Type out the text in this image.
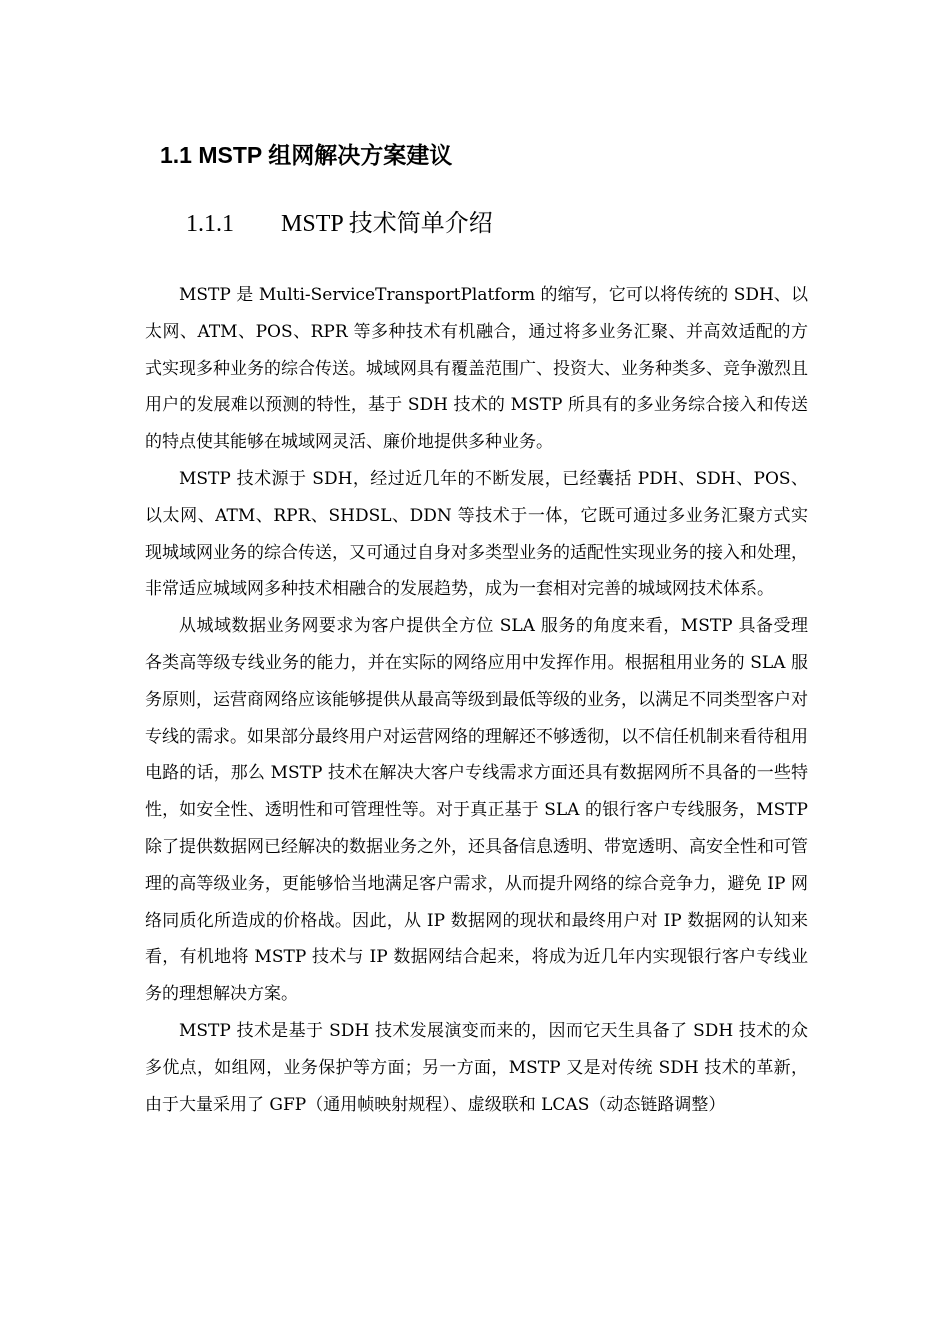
1.1 MSTP 组网解决方案建议
1.1.1 MSTP 技术简单介绍

MSTP 是 Multi-ServiceTransportPlatform 的缩写，它可以将传统的 SDH、以太网、ATM、POS、RPR 等多种技术有机融合，通过将多业务汇聚、并高效适配的方式实现多种业务的综合传送。城域网具有覆盖范围广、投资大、业务种类多、竞争激烈且用户的发展难以预测的特性，基于 SDH 技术的 MSTP 所具有的多业务综合接入和传送的特点使其能够在城域网灵活、廉价地提供多种业务。

MSTP 技术源于 SDH，经过近几年的不断发展，已经囊括 PDH、SDH、POS、以太网、ATM、RPR、SHDSL、DDN 等技术于一体，它既可通过多业务汇聚方式实现城域网业务的综合传送，又可通过自身对多类型业务的适配性实现业务的接入和处理，非常适应城域网多种技术相融合的发展趋势，成为一套相对完善的城域网技术体系。

从城域数据业务网要求为客户提供全方位 SLA 服务的角度来看，MSTP 具备受理各类高等级专线业务的能力，并在实际的网络应用中发挥作用。根据租用业务的 SLA 服务原则，运营商网络应该能够提供从最高等级到最低等级的业务，以满足不同类型客户对专线的需求。如果部分最终用户对运营网络的理解还不够透彻，以不信任机制来看待租用电路的话，那么 MSTP 技术在解决大客户专线需求方面还具有数据网所不具备的一些特性，如安全性、透明性和可管理性等。对于真正基于 SLA 的银行客户专线服务，MSTP 除了提供数据网已经解决的数据业务之外，还具备信息透明、带宽透明、高安全性和可管理的高等级业务，更能够恰当地满足客户需求，从而提升网络的综合竞争力，避免 IP 网络同质化所造成的价格战。因此，从 IP 数据网的现状和最终用户对 IP 数据网的认知来看，有机地将 MSTP 技术与 IP 数据网结合起来，将成为近几年内实现银行客户专线业务的理想解决方案。

MSTP 技术是基于 SDH 技术发展演变而来的，因而它天生具备了 SDH 技术的众多优点，如组网，业务保护等方面；另一方面，MSTP 又是对传统 SDH 技术的革新，由于大量采用了 GFP（通用帧映射规程）、虚级联和 LCAS（动态链路调整）
